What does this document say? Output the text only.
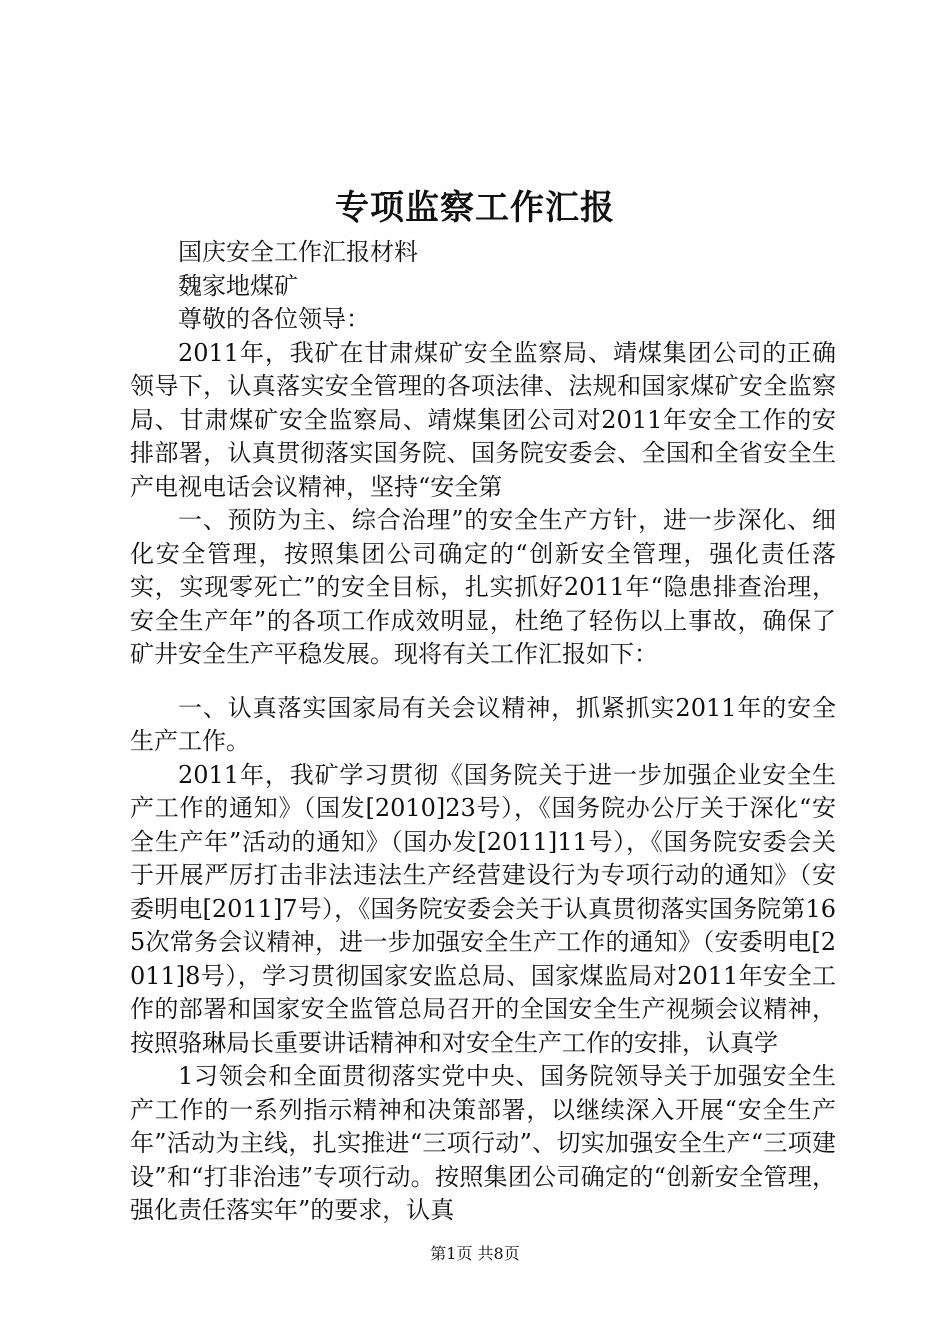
专项监察工作汇报

国庆安全工作汇报材料

魏家地煤矿

尊敬的各位领导：

2011年，我矿在甘肃煤矿安全监察局、靖煤集团公司的正确领导下，认真落实安全管理的各项法律、法规和国家煤矿安全监察局、甘肃煤矿安全监察局、靖煤集团公司对2011年安全工作的安排部署，认真贯彻落实国务院、国务院安委会、全国和全省安全生产电视电话会议精神，坚持“安全第

一、预防为主、综合治理”的安全生产方针，进一步深化、细化安全管理，按照集团公司确定的“创新安全管理，强化责任落实，实现零死亡”的安全目标，扎实抓好2011年“隐患排查治理，安全生产年”的各项工作成效明显，杜绝了轻伤以上事故，确保了矿井安全生产平稳发展。现将有关工作汇报如下：

一、认真落实国家局有关会议精神，抓紧抓实2011年的安全生产工作。

2011年，我矿学习贯彻《国务院关于进一步加强企业安全生产工作的通知》（国发[2010]23号），《国务院办公厅关于深化“安全生产年”活动的通知》（国办发[2011]11号），《国务院安委会关于开展严厉打击非法违法生产经营建设行为专项行动的通知》（安委明电[2011]7号），《国务院安委会关于认真贯彻落实国务院第165次常务会议精神，进一步加强安全生产工作的通知》（安委明电[2011]8号），学习贯彻国家安监总局、国家煤监局对2011年安全工作的部署和国家安全监管总局召开的全国安全生产视频会议精神，按照骆琳局长重要讲话精神和对安全生产工作的安排，认真学

1习领会和全面贯彻落实党中央、国务院领导关于加强安全生产工作的一系列指示精神和决策部署，以继续深入开展“安全生产年”活动为主线，扎实推进“三项行动”、切实加强安全生产“三项建设”和“打非治违”专项行动。按照集团公司确定的“创新安全管理，强化责任落实年”的要求，认真

第1页 共8页
